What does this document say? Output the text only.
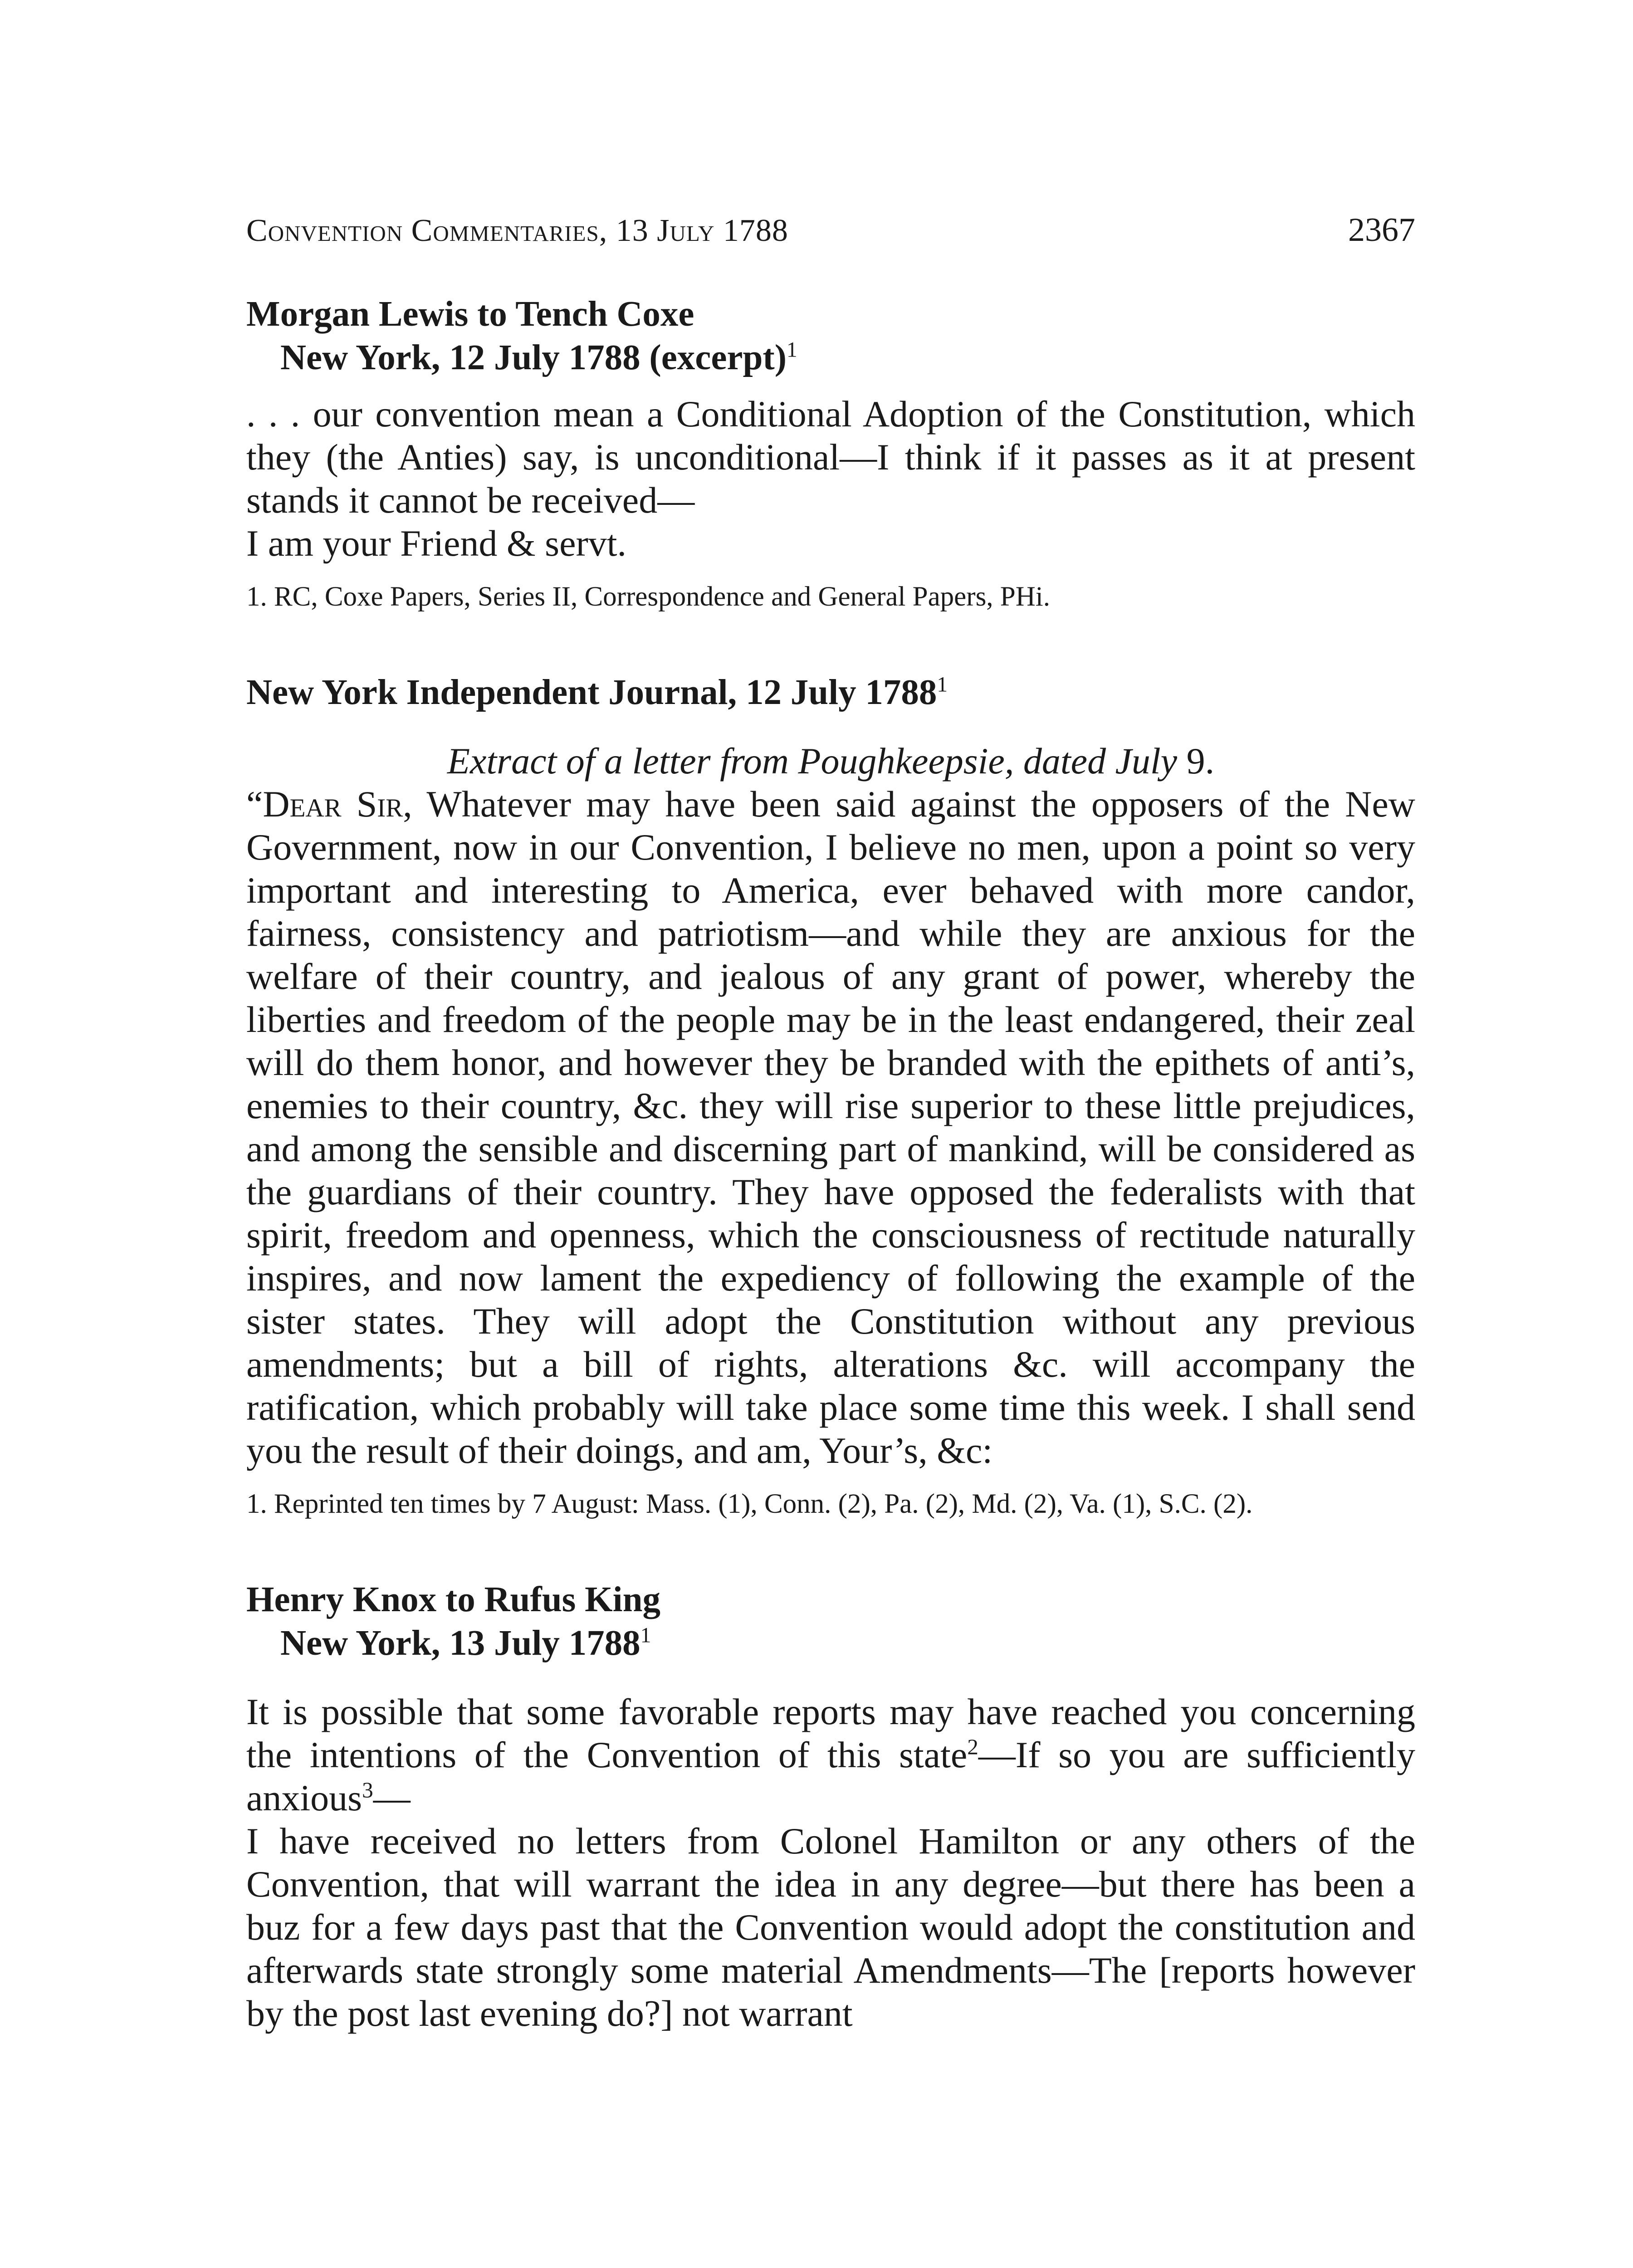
Convention Commentaries, 13 July 1788	2367
Morgan Lewis to Tench Coxe
New York, 12 July 1788 (excerpt)$^1$

. . . our convention mean a Conditional Adoption of the Constitution, which they (the Anties) say, is unconditional—I think if it passes as it at present stands it cannot be received—

I am your Friend & servt.

1. RC, Coxe Papers, Series II, Correspondence and General Papers, PHi.

New York Independent Journal, 12 July 1788$^1$

Extract of a letter from Poughkeepsie, dated July 9.

“Dear Sir, Whatever may have been said against the opposers of the New Government, now in our Convention, I believe no men, upon a point so very important and interesting to America, ever behaved with more candor, fairness, consistency and patriotism—and while they are anxious for the welfare of their country, and jealous of any grant of power, whereby the liberties and freedom of the people may be in the least endangered, their zeal will do them honor, and however they be branded with the epithets of anti’s, enemies to their country, &c. they will rise superior to these little prejudices, and among the sensible and discerning part of mankind, will be considered as the guardians of their country. They have opposed the federalists with that spirit, freedom and openness, which the consciousness of rectitude naturally inspires, and now lament the expediency of following the example of the sister states. They will adopt the Constitution without any previous amendments; but a bill of rights, alterations &c. will accompany the ratification, which probably will take place some time this week. I shall send you the result of their doings, and am, Your’s, &c:

1. Reprinted ten times by 7 August: Mass. (1), Conn. (2), Pa. (2), Md. (2), Va. (1), S.C. (2).

Henry Knox to Rufus King
New York, 13 July 1788$^1$

It is possible that some favorable reports may have reached you concerning the intentions of the Convention of this state$^2$—If so you are sufficiently anxious$^3$—

I have received no letters from Colonel Hamilton or any others of the Convention, that will warrant the idea in any degree—but there has been a buz for a few days past that the Convention would adopt the constitution and afterwards state strongly some material Amendments—The [reports however by the post last evening do?] not warrant
